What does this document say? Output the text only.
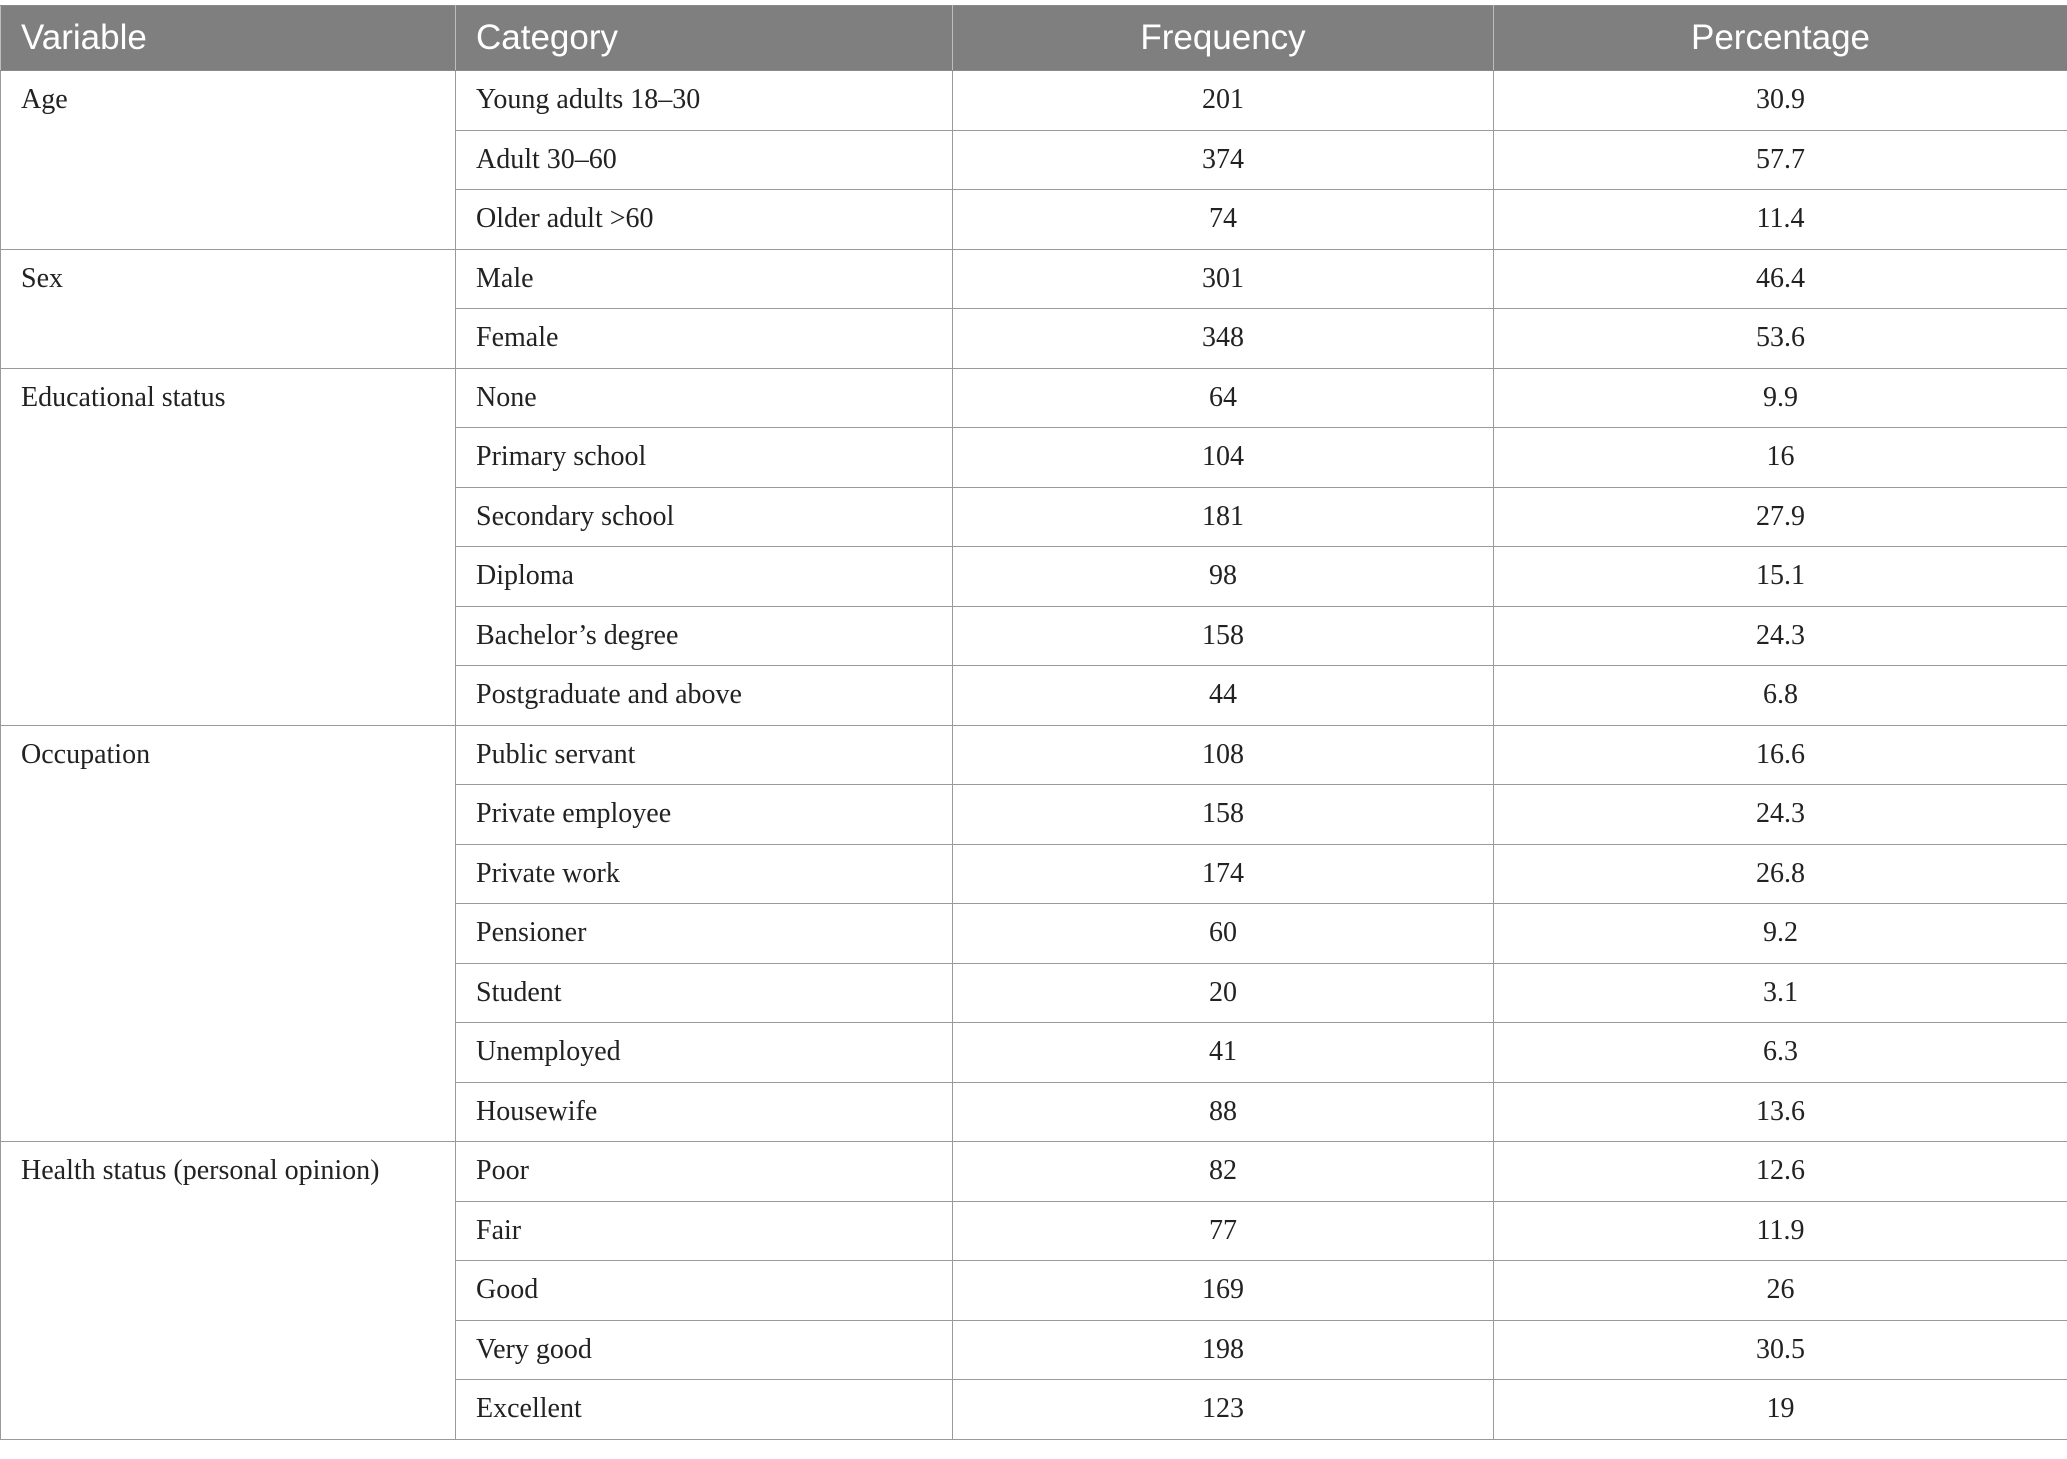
Variable	Category	Frequency	Percentage
Age	Young adults 18–30	201	30.9
	Adult 30–60	374	57.7
	Older adult >60	74	11.4
Sex	Male	301	46.4
	Female	348	53.6
Educational status	None	64	9.9
	Primary school	104	16
	Secondary school	181	27.9
	Diploma	98	15.1
	Bachelor’s degree	158	24.3
	Postgraduate and above	44	6.8
Occupation	Public servant	108	16.6
	Private employee	158	24.3
	Private work	174	26.8
	Pensioner	60	9.2
	Student	20	3.1
	Unemployed	41	6.3
	Housewife	88	13.6
Health status (personal opinion)	Poor	82	12.6
	Fair	77	11.9
	Good	169	26
	Very good	198	30.5
	Excellent	123	19
